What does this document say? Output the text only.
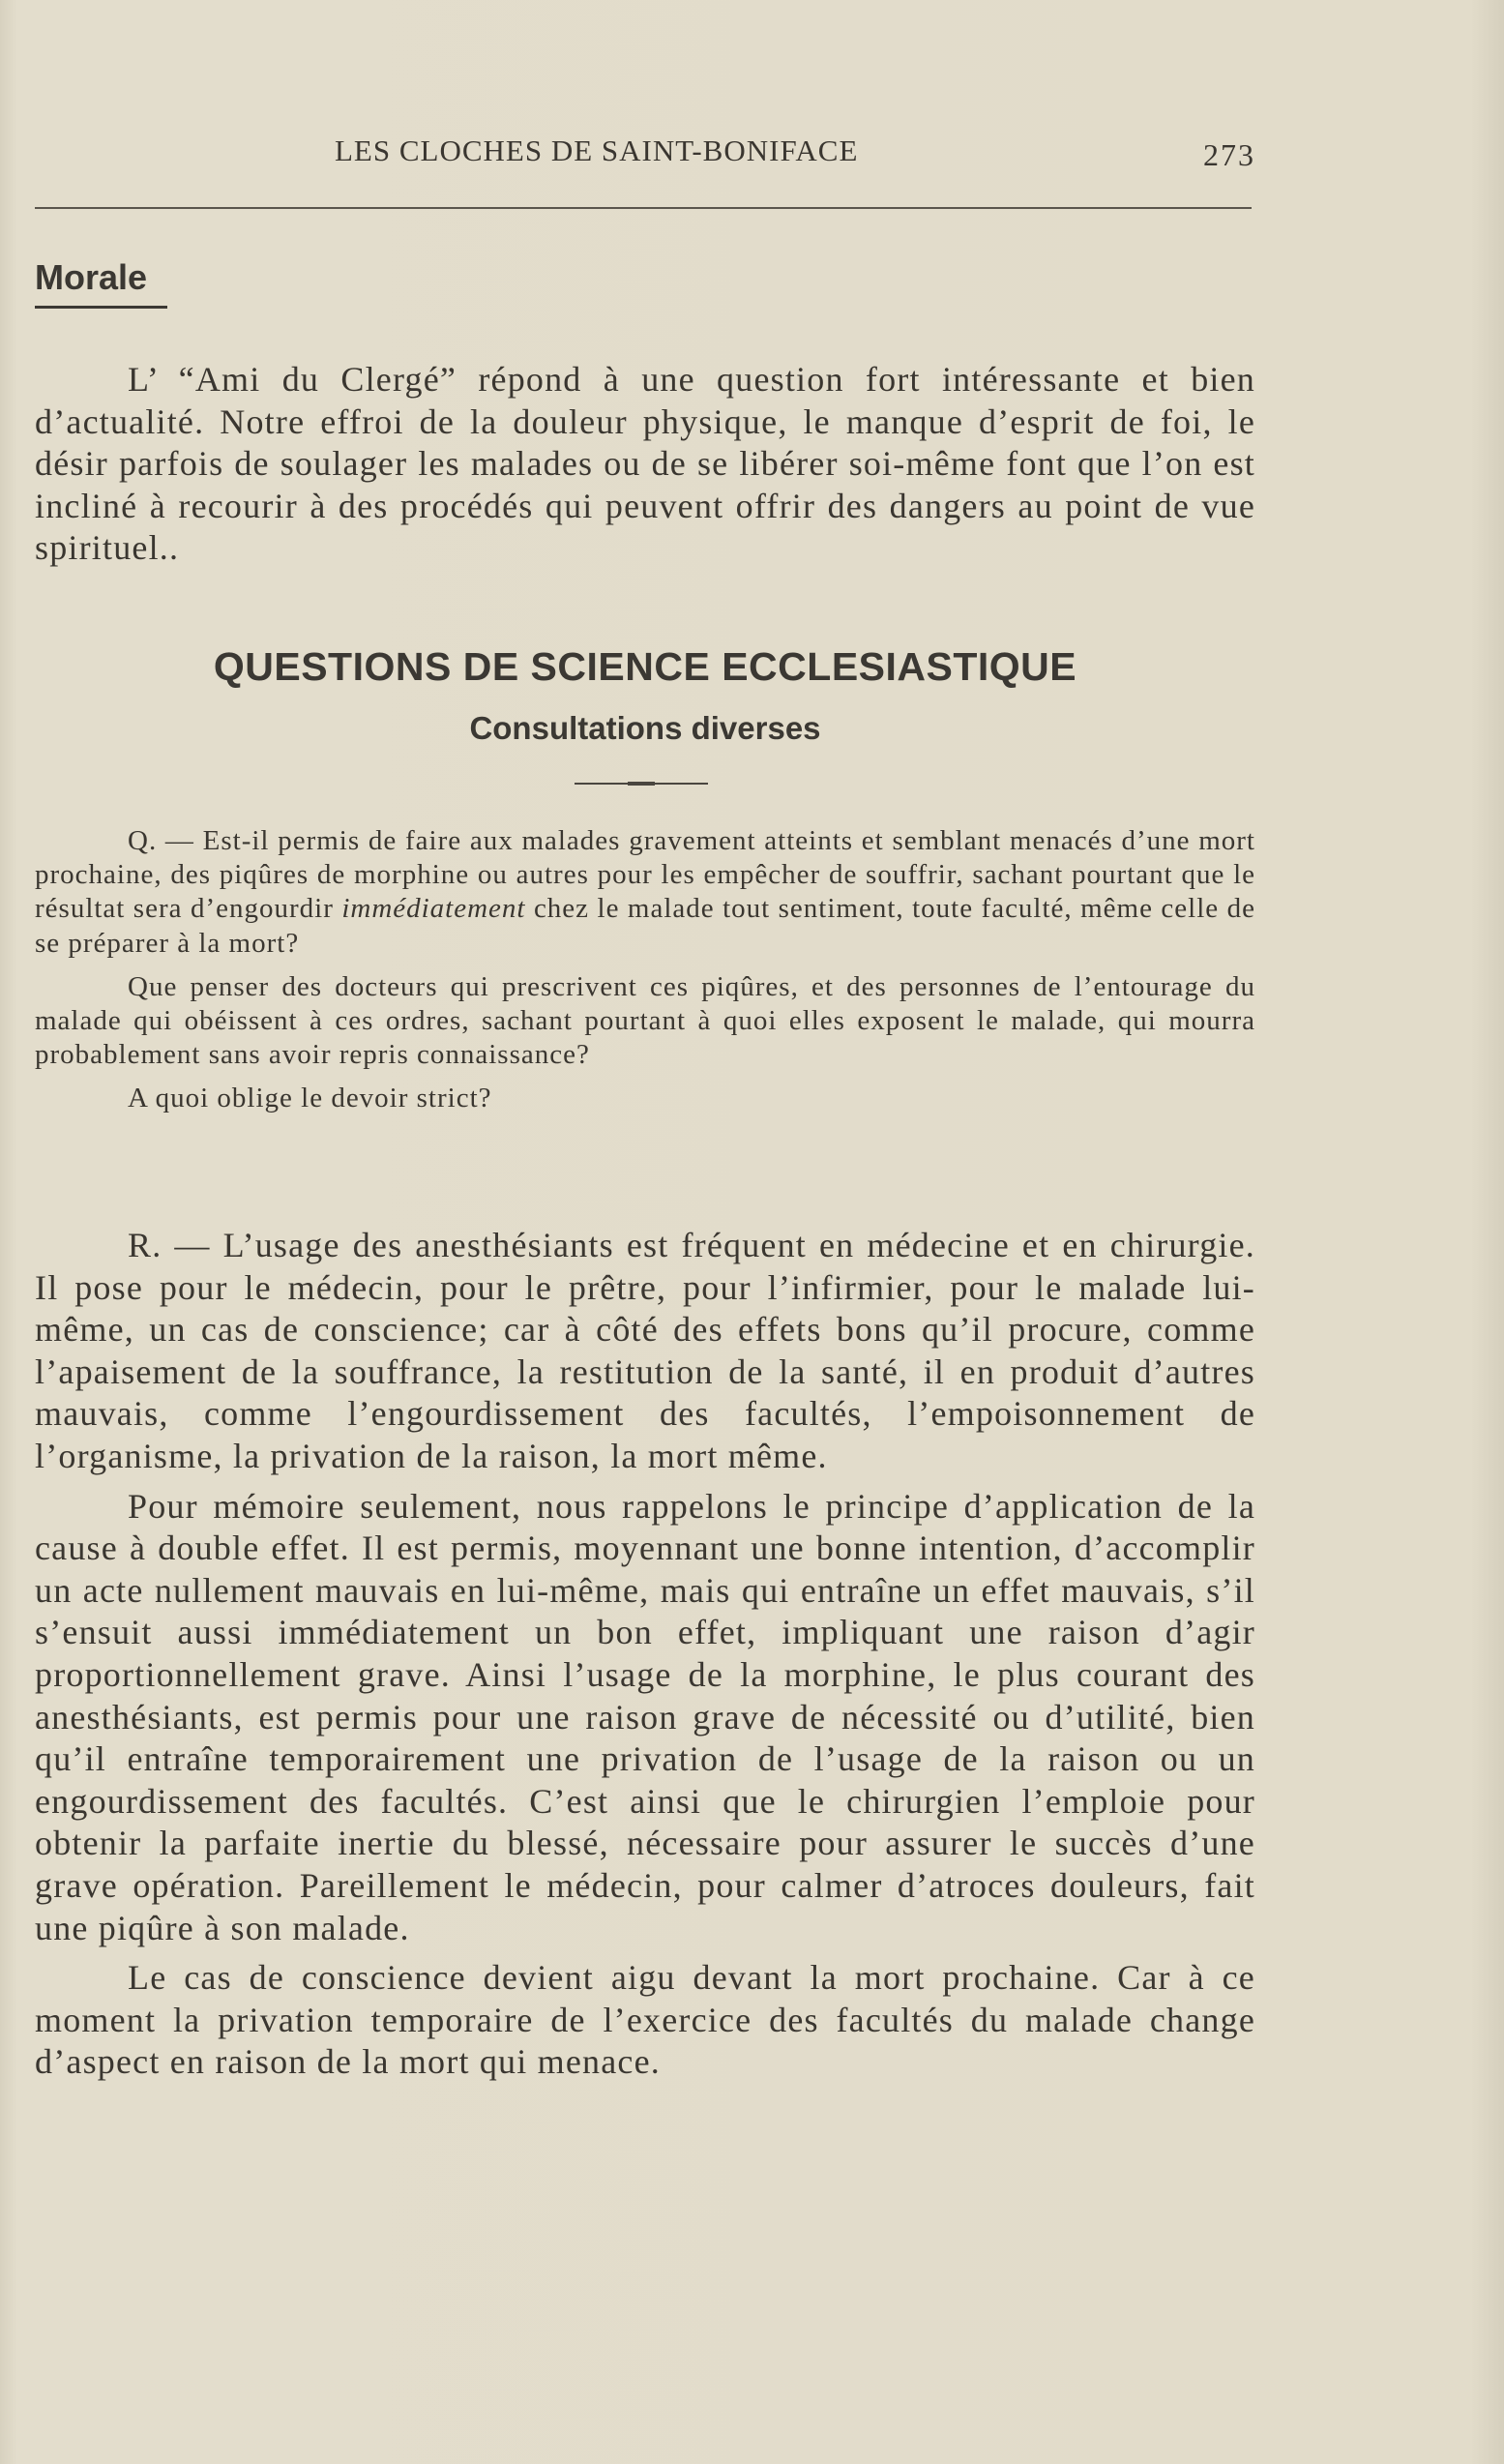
LES CLOCHES DE SAINT-BONIFACE	273
Morale

L’ “Ami du Clergé” répond à une question fort intéressante et bien d’actualité. Notre effroi de la douleur physique, le manque d’esprit de foi, le désir parfois de soulager les malades ou de se libérer soi-même font que l’on est incliné à recourir à des procédés qui peuvent offrir des dangers au point de vue spirituel..

QUESTIONS DE SCIENCE ECCLESIASTIQUE
Consultations diverses

Q. — Est-il permis de faire aux malades gravement atteints et semblant menacés d’une mort prochaine, des piqûres de morphine ou autres pour les empêcher de souffrir, sachant pourtant que le résultat sera d’engourdir immédiatement chez le malade tout sentiment, toute faculté, même celle de se préparer à la mort?

Que penser des docteurs qui prescrivent ces piqûres, et des personnes de l’entourage du malade qui obéissent à ces ordres, sachant pourtant à quoi elles exposent le malade, qui mourra probablement sans avoir repris connaissance?

A quoi oblige le devoir strict?

R. — L’usage des anesthésiants est fréquent en médecine et en chirurgie. Il pose pour le médecin, pour le prêtre, pour l’infirmier, pour le malade lui-même, un cas de conscience; car à côté des effets bons qu’il procure, comme l’apaisement de la souffrance, la restitution de la santé, il en produit d’autres mauvais, comme l’engourdissement des facultés, l’empoisonnement de l’organisme, la privation de la raison, la mort même.

Pour mémoire seulement, nous rappelons le principe d’application de la cause à double effet. Il est permis, moyennant une bonne intention, d’accomplir un acte nullement mauvais en lui-même, mais qui entraîne un effet mauvais, s’il s’ensuit aussi immédiatement un bon effet, impliquant une raison d’agir proportionnellement grave. Ainsi l’usage de la morphine, le plus courant des anesthésiants, est permis pour une raison grave de nécessité ou d’utilité, bien qu’il entraîne temporairement une privation de l’usage de la raison ou un engourdissement des facultés. C’est ainsi que le chirurgien l’emploie pour obtenir la parfaite inertie du blessé, nécessaire pour assurer le succès d’une grave opération. Pareillement le médecin, pour calmer d’atroces douleurs, fait une piqûre à son malade.

Le cas de conscience devient aigu devant la mort prochaine. Car à ce moment la privation temporaire de l’exercice des facultés du malade change d’aspect en raison de la mort qui menace.
